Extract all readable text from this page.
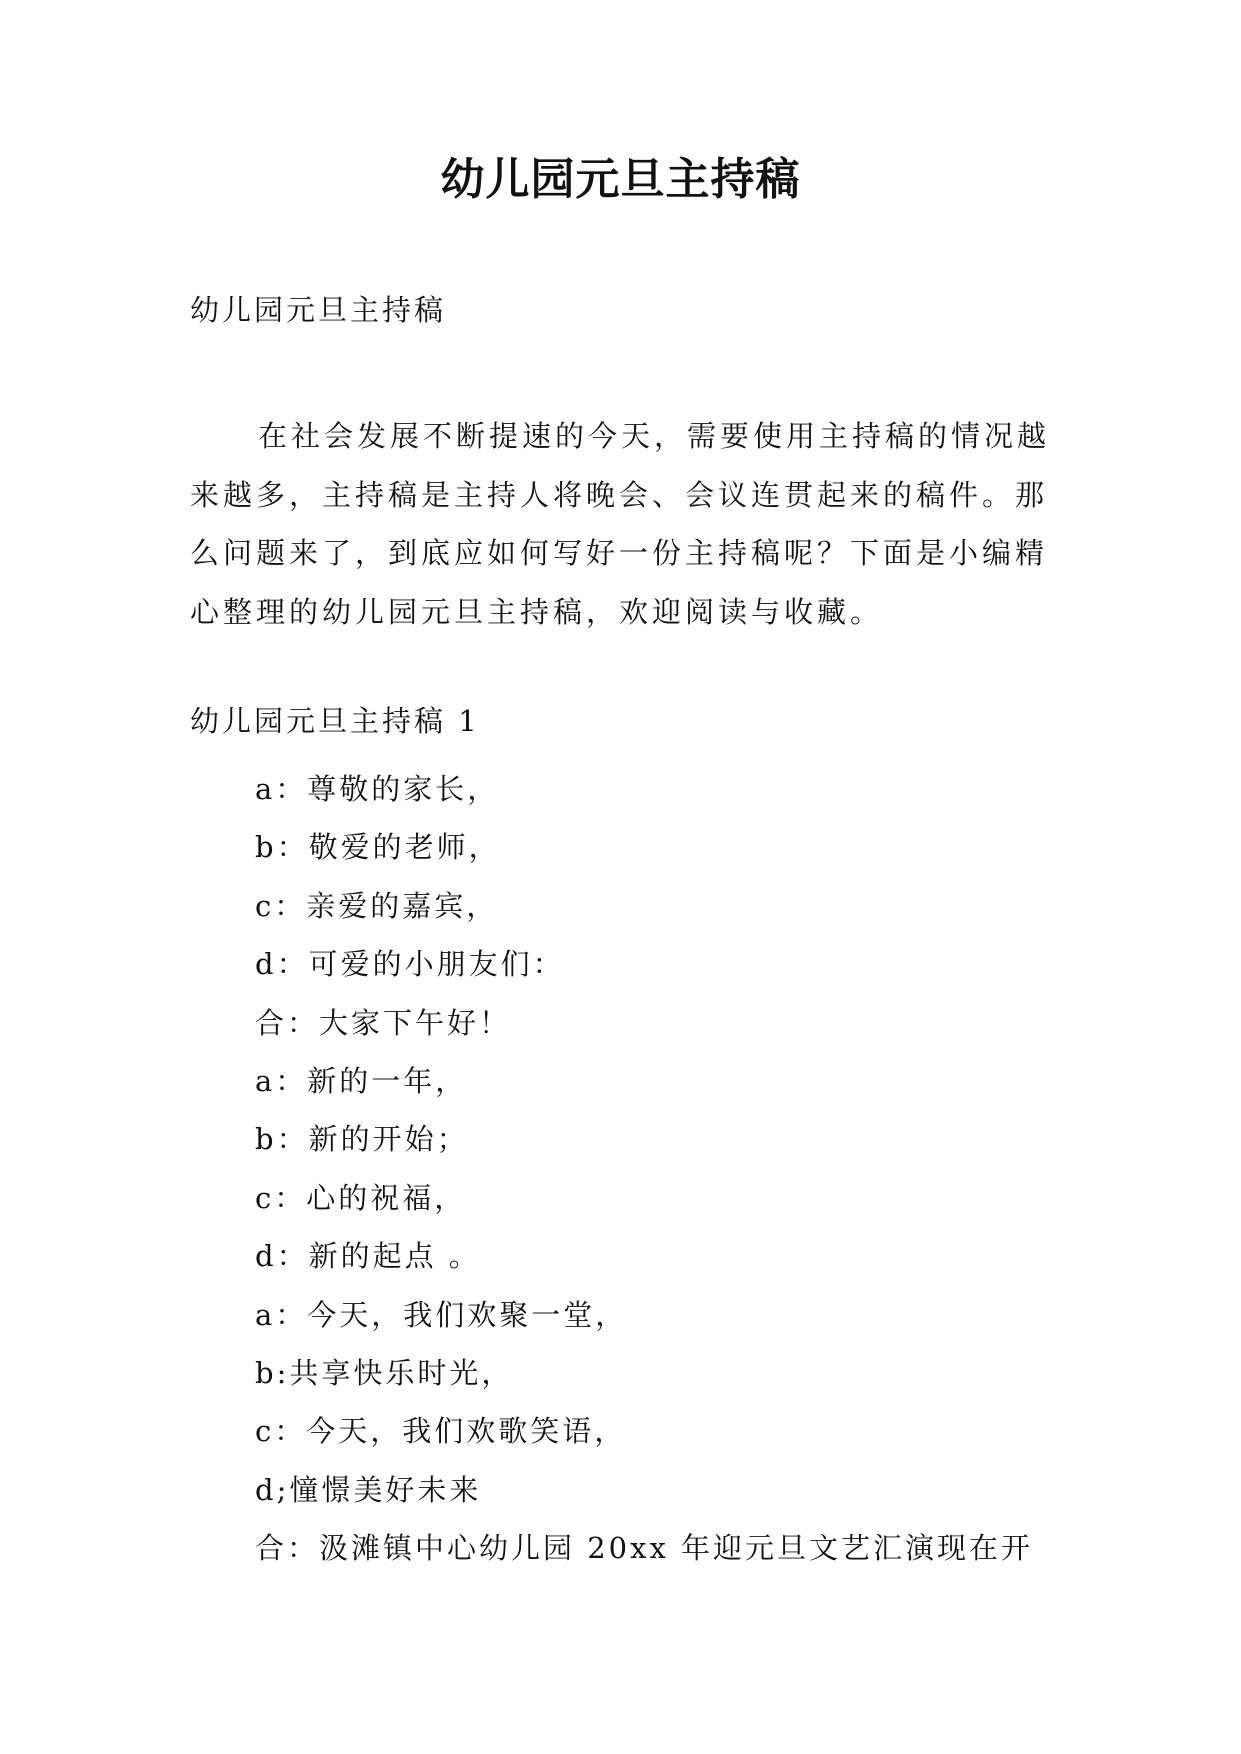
幼儿园元旦主持稿
幼儿园元旦主持稿

在社会发展不断提速的今天，需要使用主持稿的情况越来越多，主持稿是主持人将晚会、会议连贯起来的稿件。那么问题来了，到底应如何写好一份主持稿呢？下面是小编精心整理的幼儿园元旦主持稿，欢迎阅读与收藏。

幼儿园元旦主持稿 1
a：尊敬的家长，
b：敬爱的老师，
c：亲爱的嘉宾，
d：可爱的小朋友们：
合：大家下午好！
a：新的一年，
b：新的开始；
c：心的祝福，
d：新的起点 。
a：今天，我们欢聚一堂，
b:共享快乐时光，
c：今天，我们欢歌笑语，
d;憧憬美好未来
合：汲滩镇中心幼儿园 20xx 年迎元旦文艺汇演现在开
